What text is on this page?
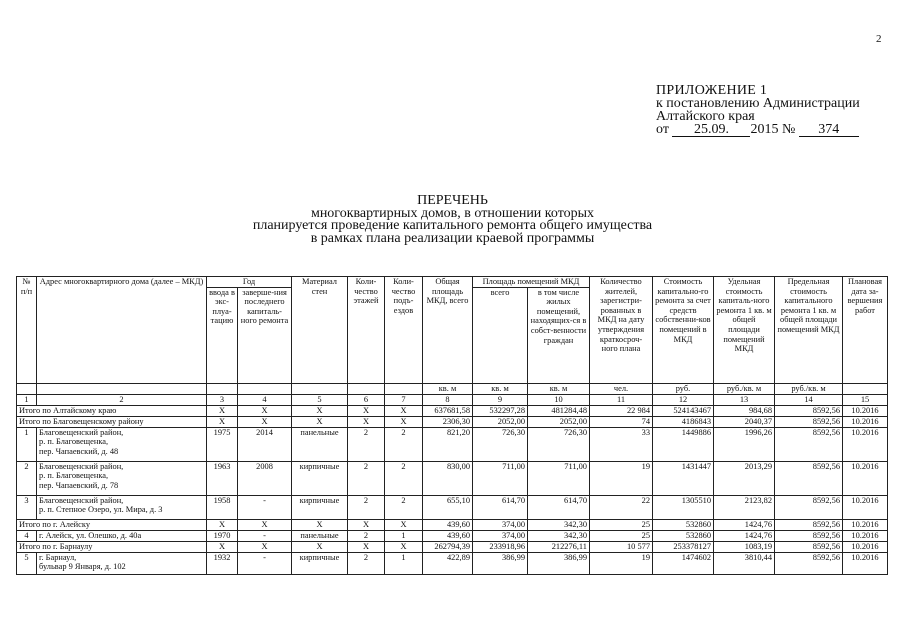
2
ПРИЛОЖЕНИЕ 1
к постановлению Администрации
Алтайского края
от 25.09. 2015 № 374
ПЕРЕЧЕНЬ
многоквартирных домов, в отношении которых
планируется проведение капитального ремонта общего имущества
в рамках плана реализации краевой программы
№ п/п	Адрес многоквартирного дома (далее – МКД)	Год		Материал стен	Коли-чество этажей	Коли-чество подъ-ездов	Общая площадь МКД, всего	Площадь помещений МКД		Количество жителей, зарегистри-рованных в МКД на дату утверждения краткосроч-ного плана	Стоимость капитально-го ремонта за счет средств собственни-ков помещений в МКД	Удельная стоимость капиталь-ного ремонта 1 кв. м общей площади помещений МКД	Предельная стоимость капитального ремонта 1 кв. м общей площади помещений МКД	Плановая дата за-вершения работ
		ввода в экс-плуа-тацию	заверше-ния последнего капиталь-ного ремонта					всего	в том числе жилых помещений, находящих-ся в собст-венности граждан					
							кв. м	кв. м	кв. м	чел.	руб.	руб./кв. м	руб./кв. м	
1	2	3	4	5	6	7	8	9	10	11	12	13	14	15
Итого по Алтайскому краю		X	X	X	X	X	637681,58	532297,28	481284,48	22 984	524143467	984,68	8592,56	10.2016
Итого по Благовещенскому району		X	X	X	X	X	2306,30	2052,00	2052,00	74	4186843	2040,37	8592,56	10.2016
1	Благовещенский район,
р. п. Благовещенка,
пер. Чапаевский, д. 48	1975	2014	панельные	2	2	821,20	726,30	726,30	33	1449886	1996,26	8592,56	10.2016
2	Благовещенский район,
р. п. Благовещенка,
пер. Чапаевский, д. 78	1963	2008	кирпичные	2	2	830,00	711,00	711,00	19	1431447	2013,29	8592,56	10.2016
3	Благовещенский район,
р. п. Степное Озеро, ул. Мира, д. 3	1958	-	кирпичные	2	2	655,10	614,70	614,70	22	1305510	2123,82	8592,56	10.2016
Итого по г. Алейску		X	X	X	X	X	439,60	374,00	342,30	25	532860	1424,76	8592,56	10.2016
4	г. Алейск, ул. Олешко, д. 40а	1970	-	панельные	2	1	439,60	374,00	342,30	25	532860	1424,76	8592,56	10.2016
Итого по г. Барнаулу		X	X	X	X	X	262794,39	233918,96	212276,11	10 577	253378127	1083,19	8592,56	10.2016
5	г. Барнаул,
бульвар 9 Января, д. 102	1932	-	кирпичные	2	1	422,89	386,99	386,99	19	1474602	3810,44	8592,56	10.2016
